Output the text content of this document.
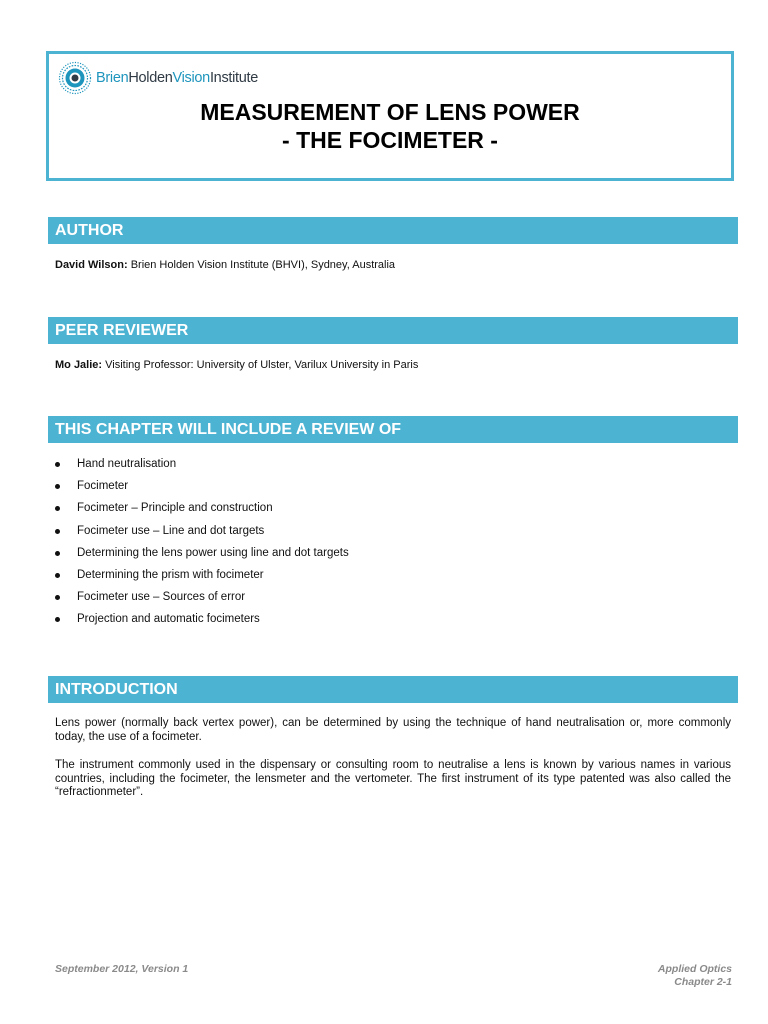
BrienHoldenVisionInstitute
MEASUREMENT OF LENS POWER
- THE FOCIMETER -
AUTHOR
David Wilson: Brien Holden Vision Institute (BHVI), Sydney, Australia
PEER REVIEWER
Mo Jalie: Visiting Professor: University of Ulster, Varilux University in Paris
THIS CHAPTER WILL INCLUDE A REVIEW OF
Hand neutralisation
Focimeter
Focimeter – Principle and construction
Focimeter use – Line and dot targets
Determining the lens power using line and dot targets
Determining the prism with focimeter
Focimeter use – Sources of error
Projection and automatic focimeters
INTRODUCTION
Lens power (normally back vertex power), can be determined by using the technique of hand neutralisation or, more commonly today, the use of a focimeter.
The instrument commonly used in the dispensary or consulting room to neutralise a lens is known by various names in various countries, including the focimeter, the lensmeter and the vertometer. The first instrument of its type patented was also called the “refractionmeter”.
September 2012, Version 1	Applied Optics
Chapter 2-1
